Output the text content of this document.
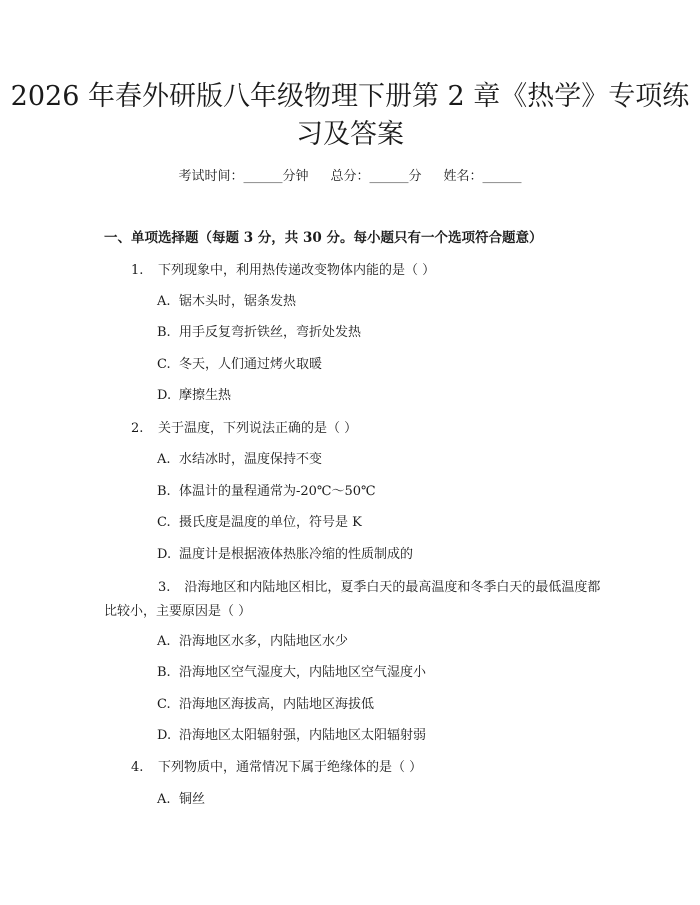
2026 年春外研版八年级物理下册第 2 章《热学》专项练习及答案
考试时间：______分钟 总分：______分 姓名：______
一、单项选择题（每题 3 分，共 30 分。每小题只有一个选项符合题意）
1. 下列现象中，利用热传递改变物体内能的是（ ）
A. 锯木头时，锯条发热
B. 用手反复弯折铁丝，弯折处发热
C. 冬天，人们通过烤火取暖
D. 摩擦生热
2. 关于温度，下列说法正确的是（ ）
A. 水结冰时，温度保持不变
B. 体温计的量程通常为-20℃～50℃
C. 摄氏度是温度的单位，符号是 K
D. 温度计是根据液体热胀冷缩的性质制成的
3. 沿海地区和内陆地区相比，夏季白天的最高温度和冬季白天的最低温度都比较小，主要原因是（ ）
A. 沿海地区水多，内陆地区水少
B. 沿海地区空气湿度大，内陆地区空气湿度小
C. 沿海地区海拔高，内陆地区海拔低
D. 沿海地区太阳辐射强，内陆地区太阳辐射弱
4. 下列物质中，通常情况下属于绝缘体的是（ ）
A. 铜丝
